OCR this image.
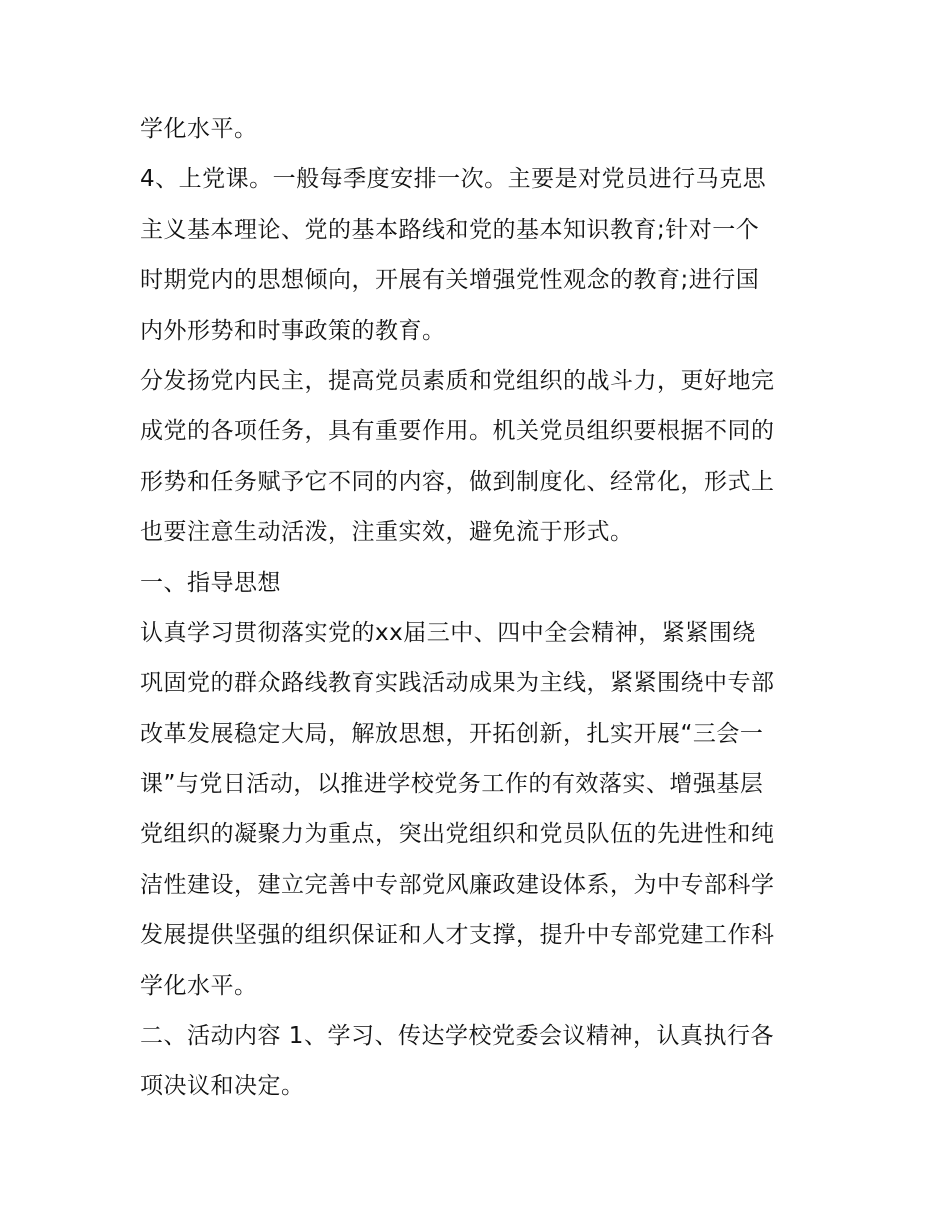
学化水平。
4、上党课。一般每季度安排一次。主要是对党员进行马克思
主义基本理论、党的基本路线和党的基本知识教育;针对一个
时期党内的思想倾向，开展有关增强党性观念的教育;进行国
内外形势和时事政策的教育。
分发扬党内民主，提高党员素质和党组织的战斗力，更好地完
成党的各项任务，具有重要作用。机关党员组织要根据不同的
形势和任务赋予它不同的内容，做到制度化、经常化，形式上
也要注意生动活泼，注重实效，避免流于形式。
一、指导思想
认真学习贯彻落实党的xx届三中、四中全会精神，紧紧围绕
巩固党的群众路线教育实践活动成果为主线，紧紧围绕中专部
改革发展稳定大局，解放思想，开拓创新，扎实开展“三会一
课”与党日活动，以推进学校党务工作的有效落实、增强基层
党组织的凝聚力为重点，突出党组织和党员队伍的先进性和纯
洁性建设，建立完善中专部党风廉政建设体系，为中专部科学
发展提供坚强的组织保证和人才支撑，提升中专部党建工作科
学化水平。
二、活动内容 1、学习、传达学校党委会议精神，认真执行各
项决议和决定。
